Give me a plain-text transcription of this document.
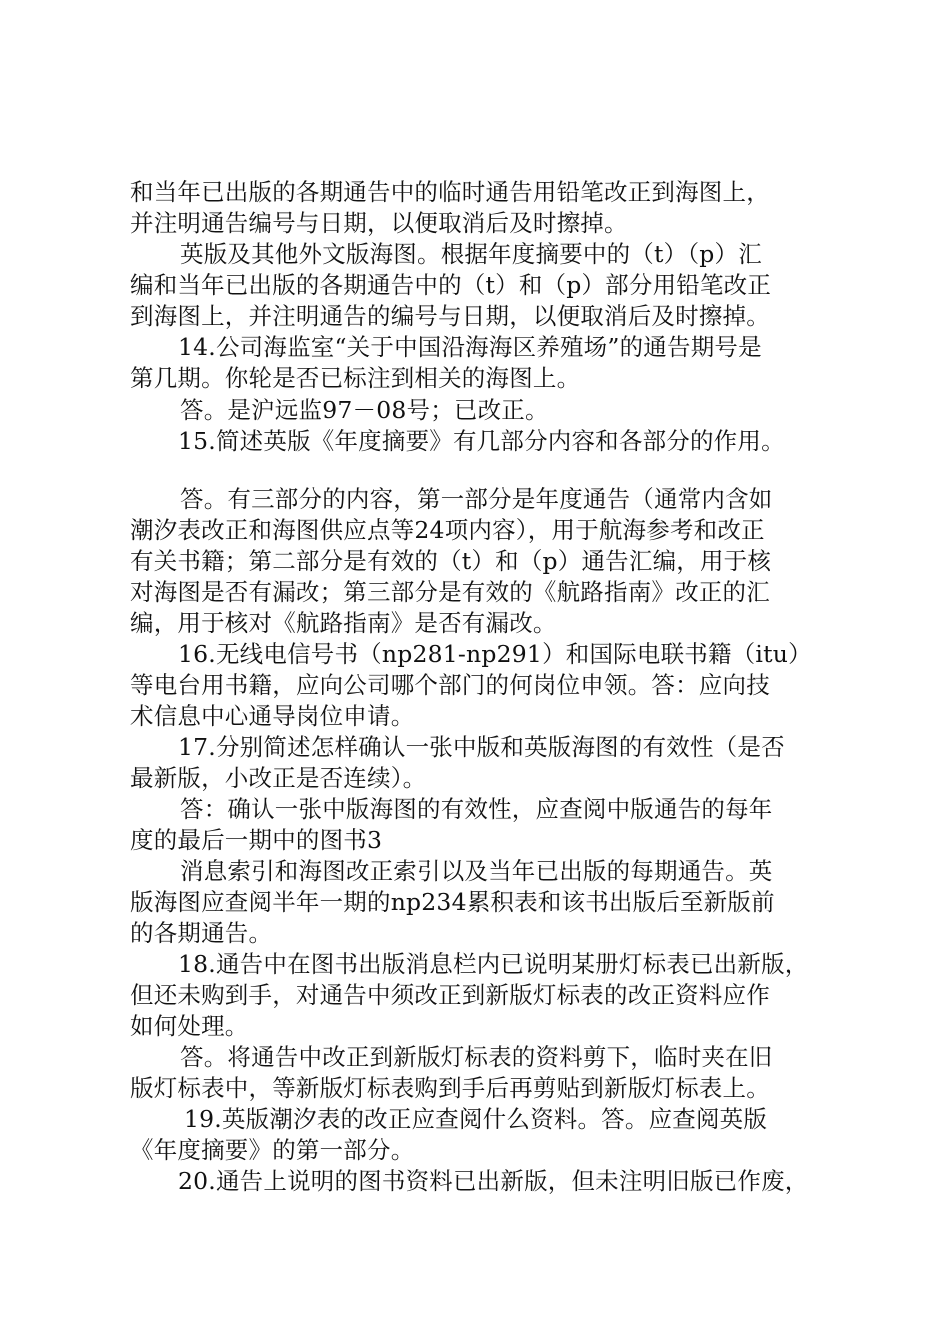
和当年已出版的各期通告中的临时通告用铅笔改正到海图上，
并注明通告编号与日期，以便取消后及时擦掉。
英版及其他外文版海图。根据年度摘要中的（t）（p）汇
编和当年已出版的各期通告中的（t）和（p）部分用铅笔改正
到海图上，并注明通告的编号与日期，以便取消后及时擦掉。
14.公司海监室“关于中国沿海海区养殖场”的通告期号是
第几期。你轮是否已标注到相关的海图上。
答。是沪远监97－08号；已改正。
15.简述英版《年度摘要》有几部分内容和各部分的作用。
答。有三部分的内容，第一部分是年度通告（通常内含如
潮汐表改正和海图供应点等24项内容），用于航海参考和改正
有关书籍；第二部分是有效的（t）和（p）通告汇编，用于核
对海图是否有漏改；第三部分是有效的《航路指南》改正的汇
编，用于核对《航路指南》是否有漏改。
16.无线电信号书（np281-np291）和国际电联书籍（itu）
等电台用书籍，应向公司哪个部门的何岗位申领。答：应向技
术信息中心通导岗位申请。
17.分别简述怎样确认一张中版和英版海图的有效性（是否
最新版，小改正是否连续）。
答：确认一张中版海图的有效性，应查阅中版通告的每年
度的最后一期中的图书3
消息索引和海图改正索引以及当年已出版的每期通告。英
版海图应查阅半年一期的np234累积表和该书出版后至新版前
的各期通告。
18.通告中在图书出版消息栏内已说明某册灯标表已出新版，
但还未购到手，对通告中须改正到新版灯标表的改正资料应作
如何处理。
答。将通告中改正到新版灯标表的资料剪下，临时夹在旧
版灯标表中，等新版灯标表购到手后再剪贴到新版灯标表上。
19.英版潮汐表的改正应查阅什么资料。答。应查阅英版
《年度摘要》的第一部分。
20.通告上说明的图书资料已出新版，但未注明旧版已作废，
